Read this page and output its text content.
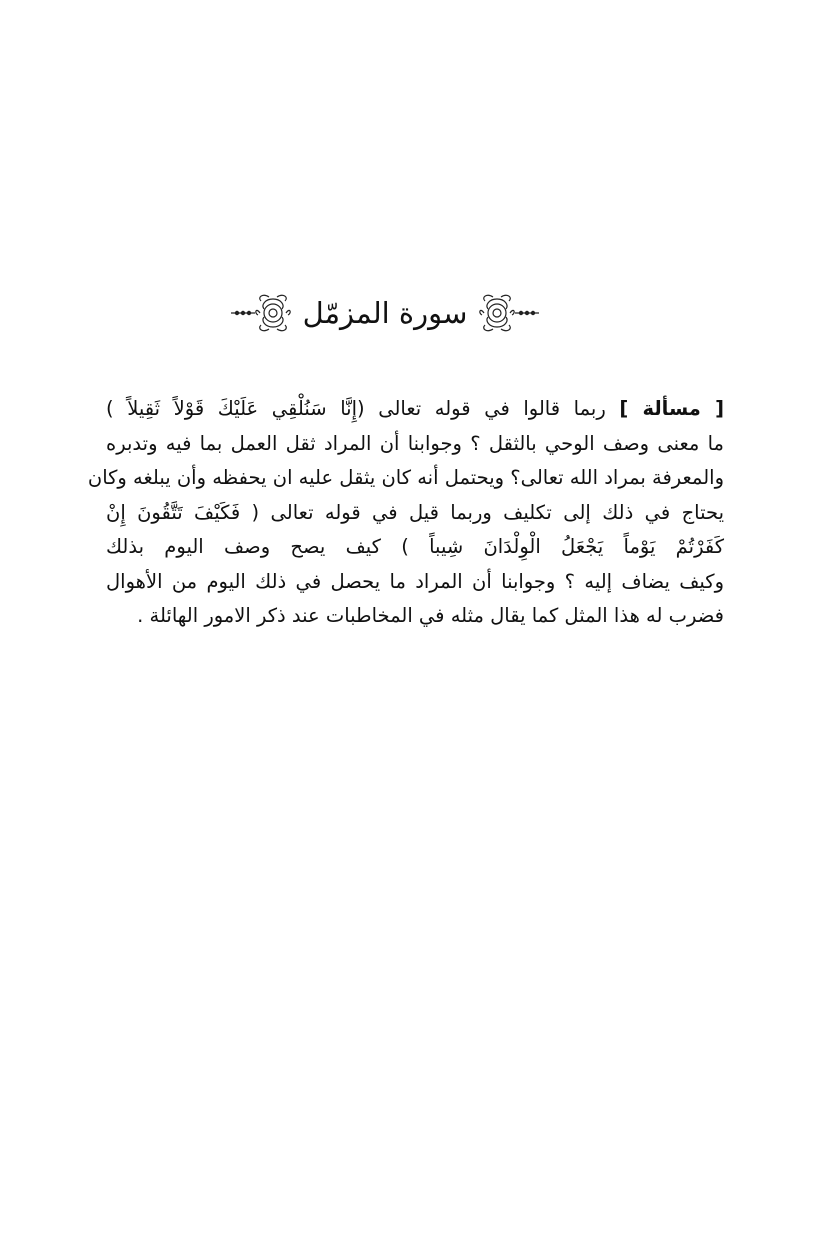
سورة المزمّل
[ مسألة ] ربما قالوا في قوله تعالى (إِنَّا سَنُلْقِي عَلَيْكَ قَوْلاً ثَقِيلاً )
ما معنى وصف الوحي بالثقل ؟ وجوابنا أن المراد ثقل العمل بما فيه وتدبره
والمعرفة بمراد الله تعالى؟ ويحتمل أنه كان يثقل عليه ان يحفظه وأن يبلغه وكان
يحتاج في ذلك إلى تكليف وربما قيل في قوله تعالى ( فَكَيْفَ تَتَّقُونَ إِنْ
كَفَرْتُمْ يَوْماً يَجْعَلُ الْوِلْدَانَ شِيباً ) كيف يصح وصف اليوم بذلك
وكيف يضاف إليه ؟ وجوابنا أن المراد ما يحصل في ذلك اليوم من الأهوال
فضرب له هذا المثل كما يقال مثله في المخاطبات عند ذكر الامور الهائلة .
